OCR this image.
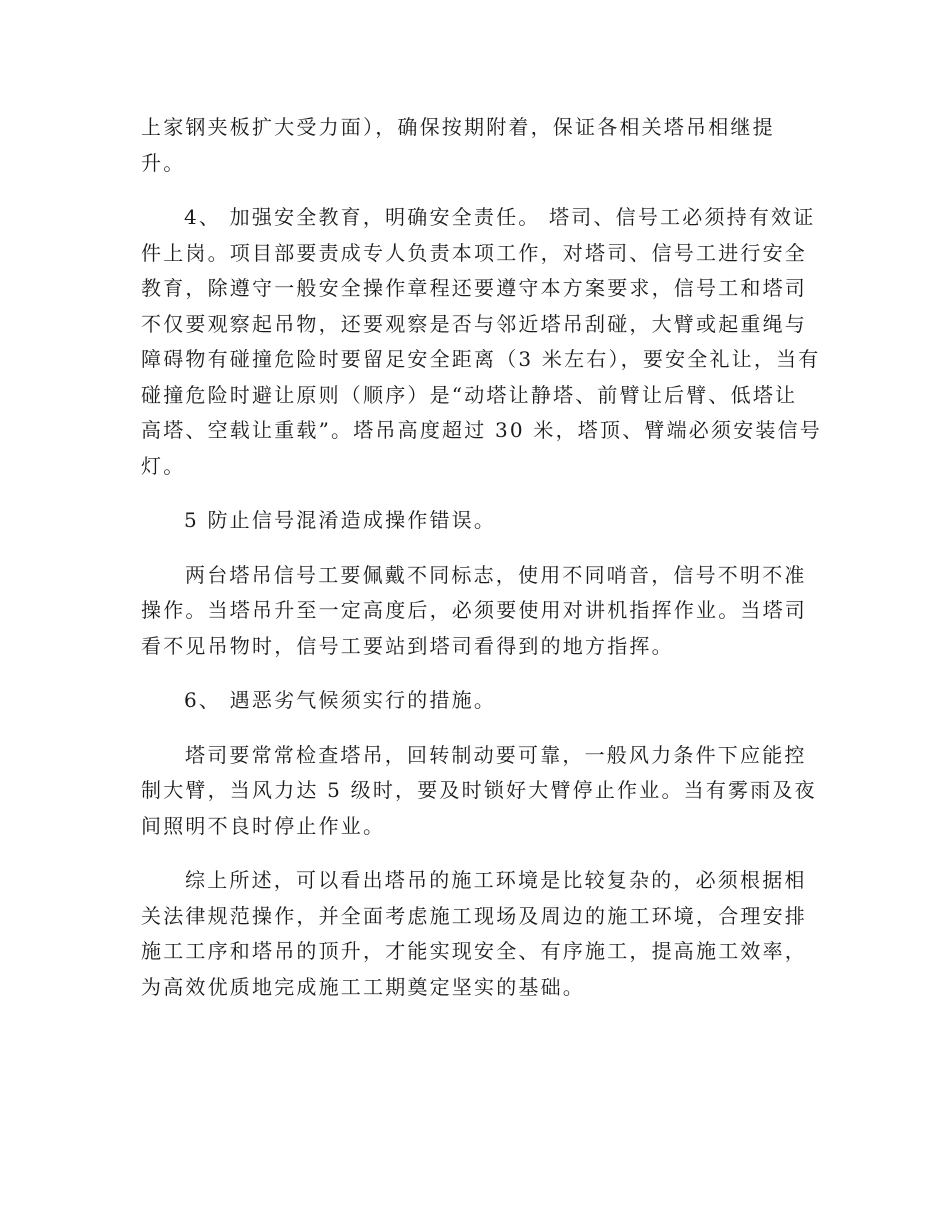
上家钢夹板扩大受力面），确保按期附着，保证各相关塔吊相继提
升。

4、 加强安全教育，明确安全责任。 塔司、信号工必须持有效证
件上岗。项目部要责成专人负责本项工作，对塔司、信号工进行安全
教育，除遵守一般安全操作章程还要遵守本方案要求，信号工和塔司
不仅要观察起吊物，还要观察是否与邻近塔吊刮碰，大臂或起重绳与
障碍物有碰撞危险时要留足安全距离（3 米左右），要安全礼让，当有
碰撞危险时避让原则（顺序）是“动塔让静塔、前臂让后臂、低塔让
高塔、空载让重载”。塔吊高度超过 30 米，塔顶、臂端必须安装信号
灯。

5 防止信号混淆造成操作错误。

两台塔吊信号工要佩戴不同标志，使用不同哨音，信号不明不准
操作。当塔吊升至一定高度后，必须要使用对讲机指挥作业。当塔司
看不见吊物时，信号工要站到塔司看得到的地方指挥。

6、 遇恶劣气候须实行的措施。

塔司要常常检查塔吊，回转制动要可靠，一般风力条件下应能控
制大臂，当风力达 5 级时，要及时锁好大臂停止作业。当有雾雨及夜
间照明不良时停止作业。

综上所述，可以看出塔吊的施工环境是比较复杂的，必须根据相
关法律规范操作，并全面考虑施工现场及周边的施工环境，合理安排
施工工序和塔吊的顶升，才能实现安全、有序施工，提高施工效率，
为高效优质地完成施工工期奠定坚实的基础。
